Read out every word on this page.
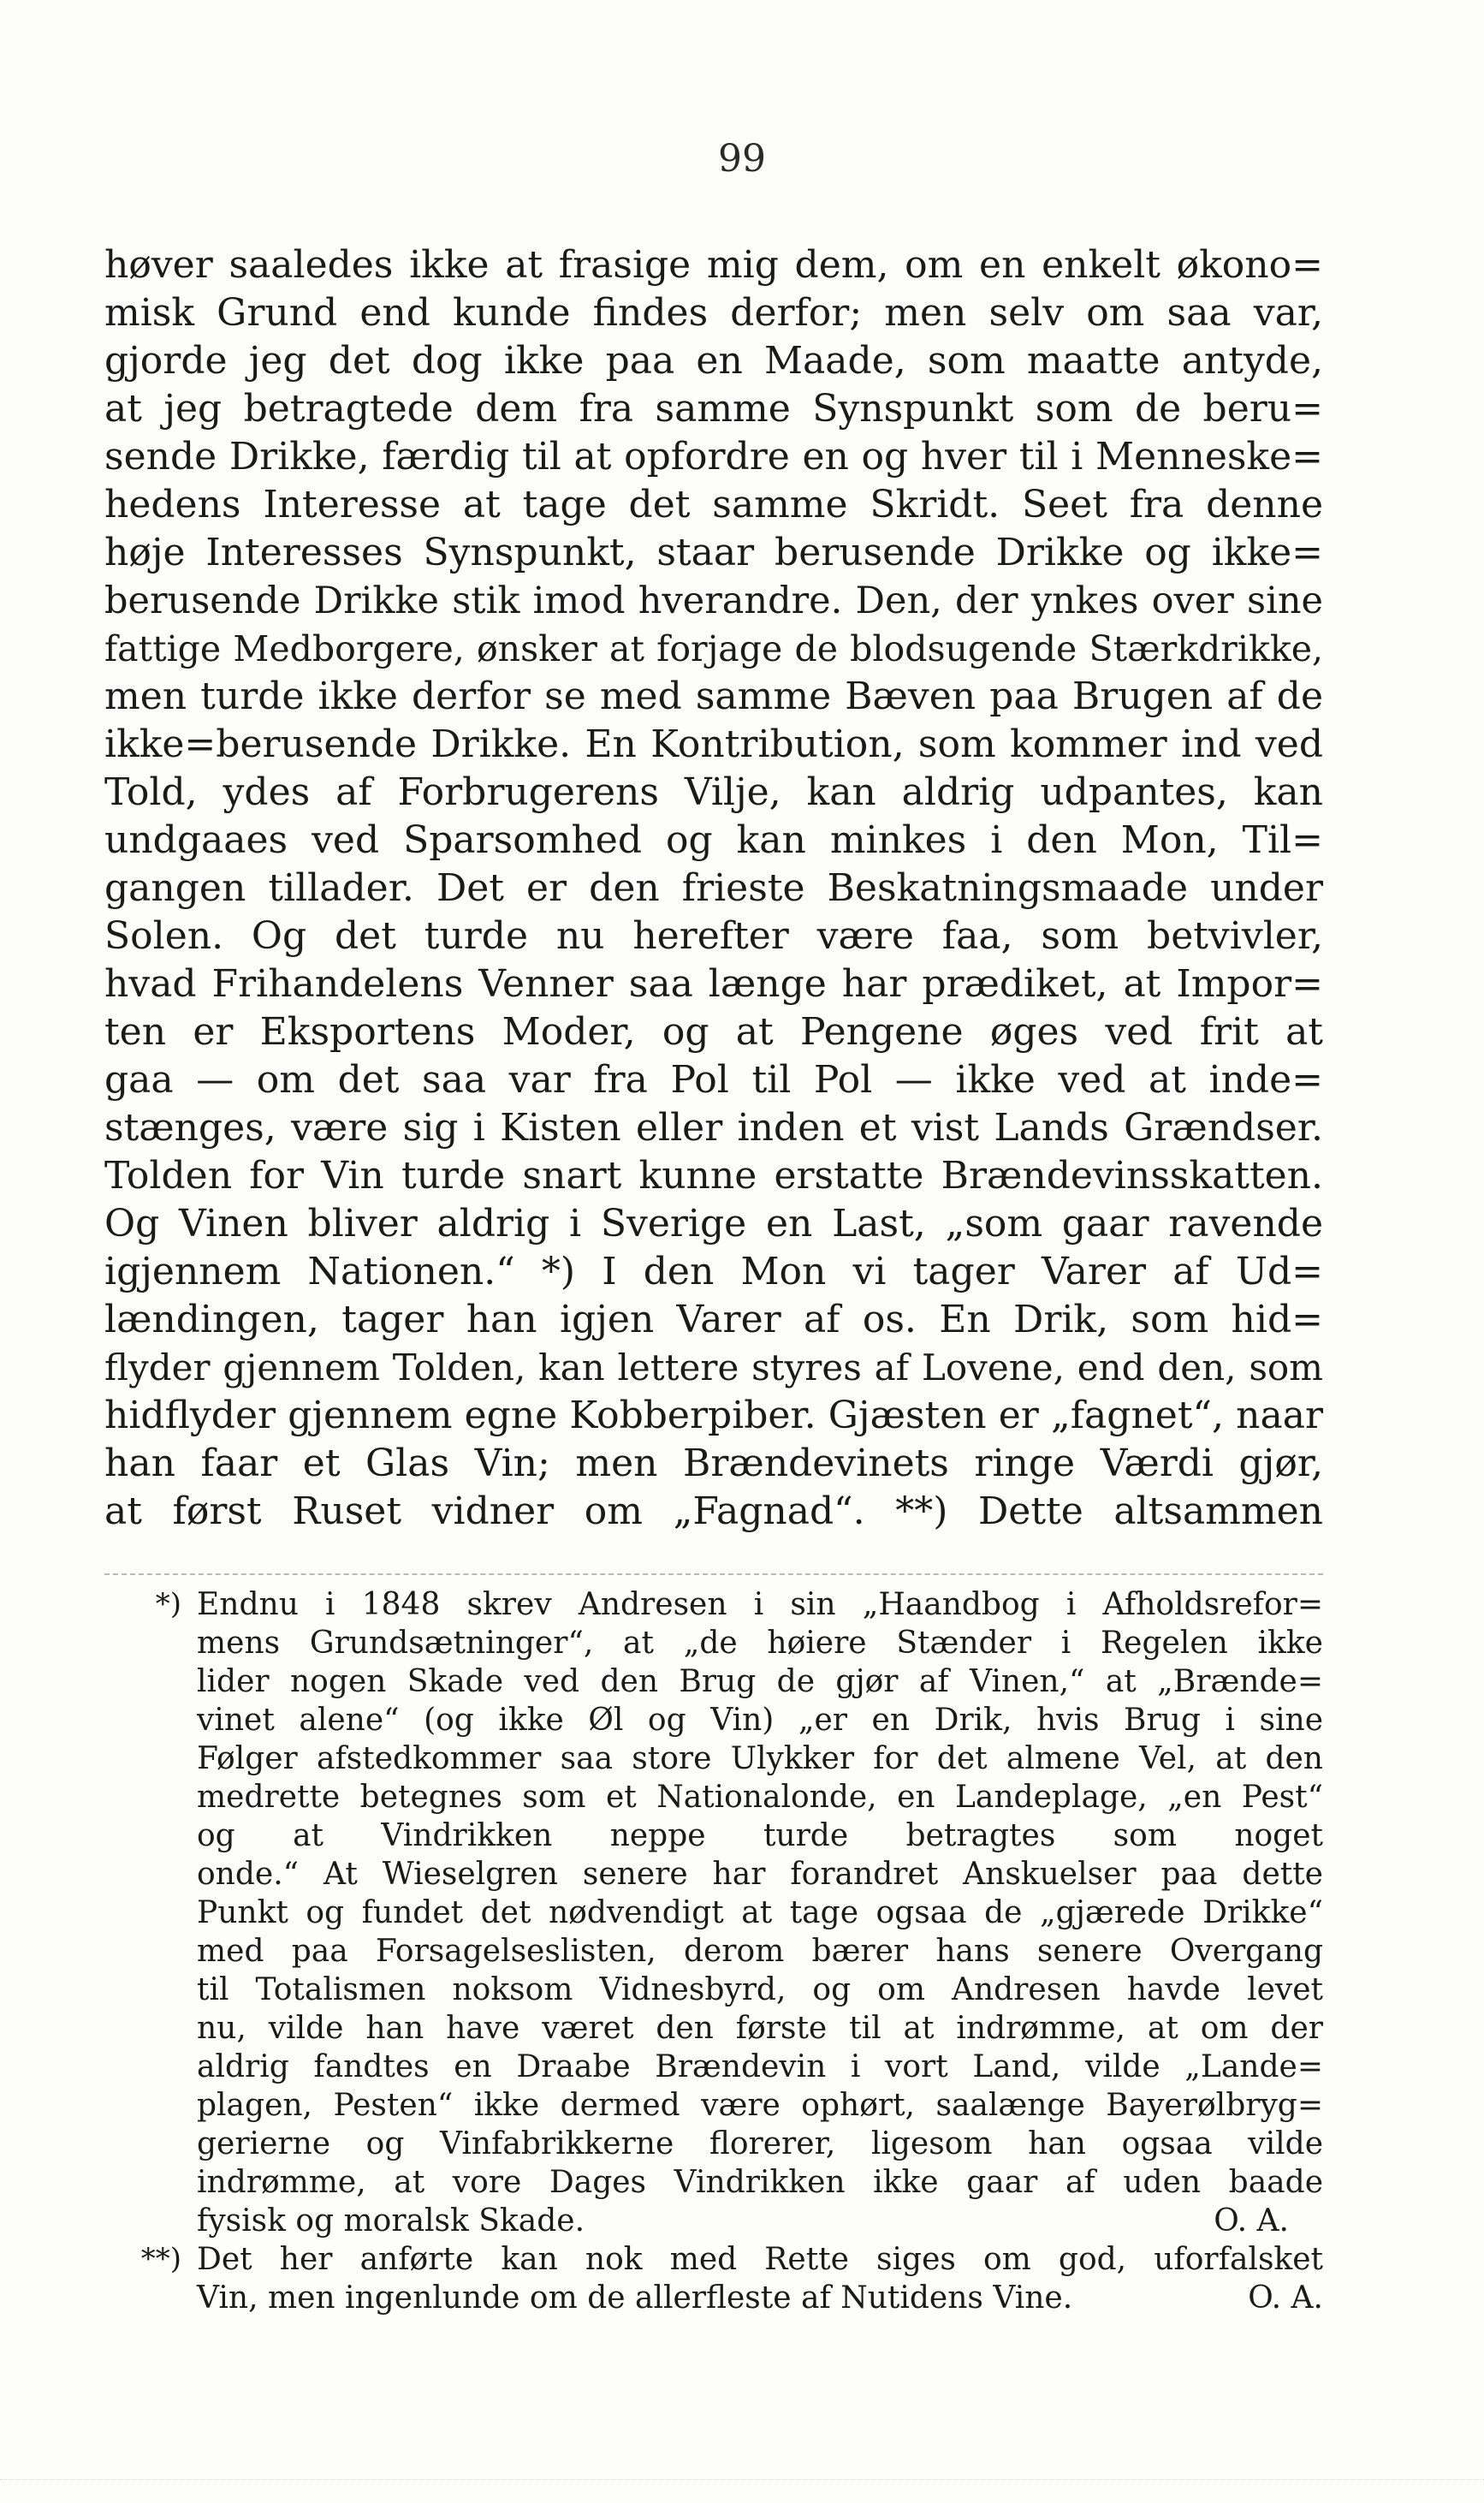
99
høver saaledes ikke at frasige mig dem, om en enkelt økono=
misk Grund end kunde findes derfor; men selv om saa var,
gjorde jeg det dog ikke paa en Maade, som maatte antyde,
at jeg betragtede dem fra samme Synspunkt som de beru=
sende Drikke, færdig til at opfordre en og hver til i Menneske=
hedens Interesse at tage det samme Skridt. Seet fra denne
høje Interesses Synspunkt, staar berusende Drikke og ikke=
berusende Drikke stik imod hverandre. Den, der ynkes over sine
fattige Medborgere, ønsker at forjage de blodsugende Stærkdrikke,
men turde ikke derfor se med samme Bæven paa Brugen af de
ikke=berusende Drikke. En Kontribution, som kommer ind ved
Told, ydes af Forbrugerens Vilje, kan aldrig udpantes, kan
undgaaes ved Sparsomhed og kan minkes i den Mon, Til=
gangen tillader. Det er den frieste Beskatningsmaade under
Solen. Og det turde nu herefter være faa, som betvivler,
hvad Frihandelens Venner saa længe har prædiket, at Impor=
ten er Eksportens Moder, og at Pengene øges ved frit at
gaa — om det saa var fra Pol til Pol — ikke ved at inde=
stænges, være sig i Kisten eller inden et vist Lands Grændser.
Tolden for Vin turde snart kunne erstatte Brændevinsskatten.
Og Vinen bliver aldrig i Sverige en Last, „som gaar ravende
igjennem Nationen.“ *) I den Mon vi tager Varer af Ud=
lændingen, tager han igjen Varer af os. En Drik, som hid=
flyder gjennem Tolden, kan lettere styres af Lovene, end den, som
hidflyder gjennem egne Kobberpiber. Gjæsten er „fagnet“, naar
han faar et Glas Vin; men Brændevinets ringe Værdi gjør,
at først Ruset vidner om „Fagnad“. **) Dette altsammen
*) Endnu i 1848 skrev Andresen i sin „Haandbog i Afholdsrefor=
mens Grundsætninger“, at „de høiere Stænder i Regelen ikke
lider nogen Skade ved den Brug de gjør af Vinen,“ at „Brænde=
vinet alene“ (og ikke Øl og Vin) „er en Drik, hvis Brug i sine
Følger afstedkommer saa store Ulykker for det almene Vel, at den
medrette betegnes som et Nationalonde, en Landeplage, „en Pest“
og at Vindrikken neppe turde betragtes som noget
onde.“ At Wieselgren senere har forandret Anskuelser paa dette
Punkt og fundet det nødvendigt at tage ogsaa de „gjærede Drikke“
med paa Forsagelseslisten, derom bærer hans senere Overgang
til Totalismen noksom Vidnesbyrd, og om Andresen havde levet
nu, vilde han have været den første til at indrømme, at om der
aldrig fandtes en Draabe Brændevin i vort Land, vilde „Lande=
plagen, Pesten“ ikke dermed være ophørt, saalænge Bayerølbryg=
gerierne og Vinfabrikkerne florerer, ligesom han ogsaa vilde
indrømme, at vore Dages Vindrikken ikke gaar af uden baade
fysisk og moralsk Skade.	O. A.
**) Det her anførte kan nok med Rette siges om god, uforfalsket
Vin, men ingenlunde om de allerfleste af Nutidens Vine.	O. A.
